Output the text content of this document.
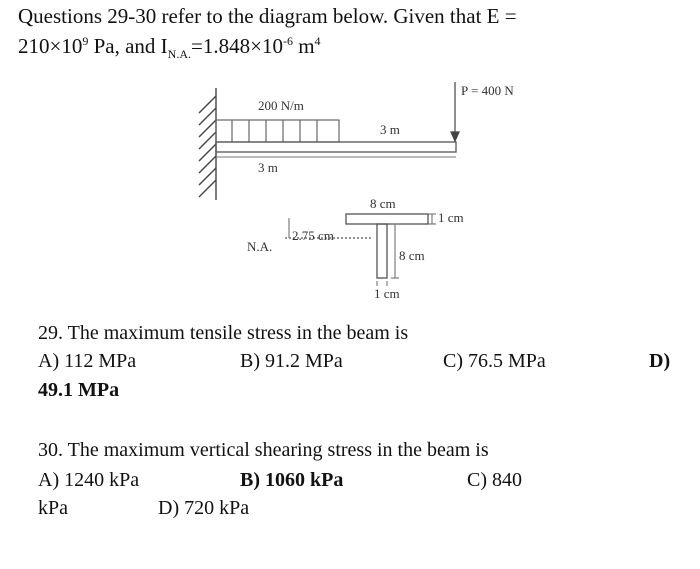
Questions 29-30 refer to the diagram below. Given that E =
$210\times 10^9$ Pa, and $I_{N.A.}=1.848\times 10^{-6}$ $m^4$
200 N/m
3 m
3 m
P = 400 N
8 cm
1 cm
N.A.
2.75 cm
8 cm
1 cm
29. The maximum tensile stress in the beam is
A) 112 MPa	B) 91.2 MPa	C) 76.5 MPa	D)
49.1 MPa
30. The maximum vertical shearing stress in the beam is
A) 1240 kPa	B) 1060 kPa	C) 840
kPa	D) 720 kPa
